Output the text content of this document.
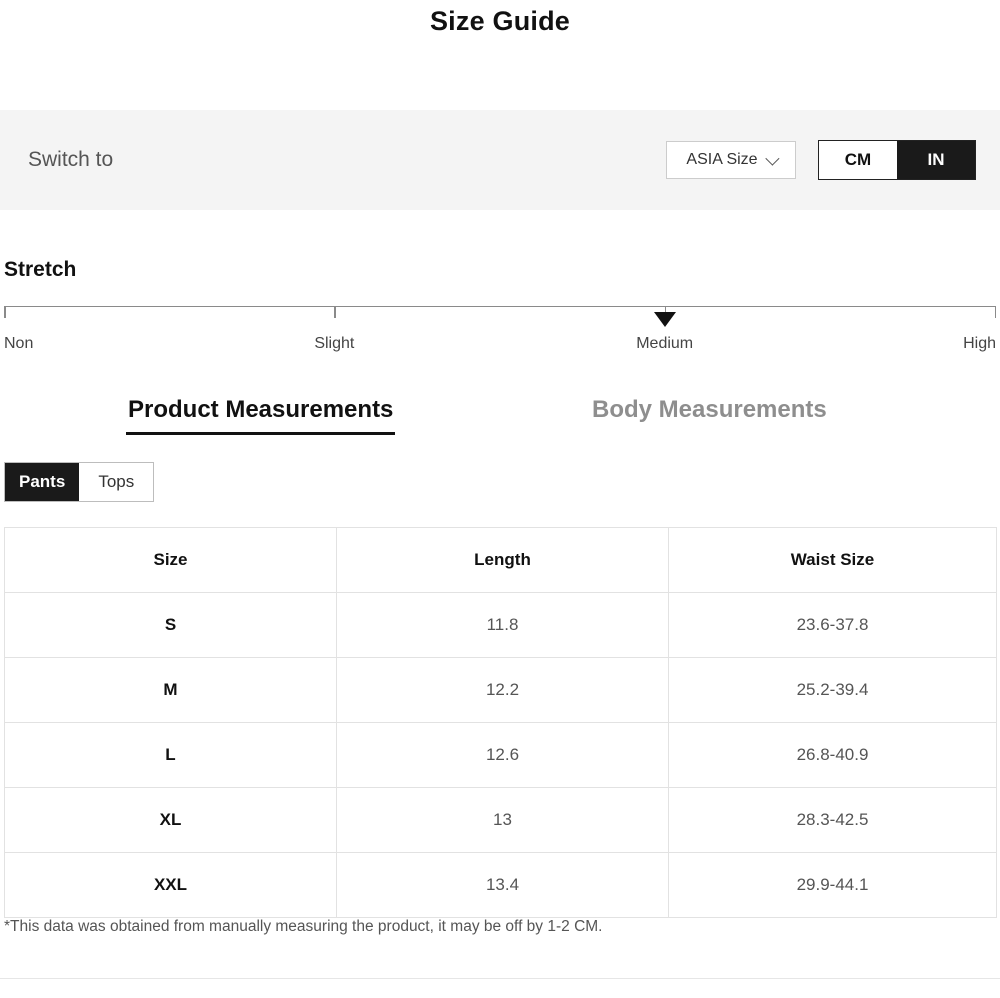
Size Guide
Switch to	ASIA Size	CM	IN
Stretch
Non	Slight	Medium	High
Product Measurements	Body Measurements
Pants	Tops
Size	Length	Waist Size
S	11.8	23.6-37.8
M	12.2	25.2-39.4
L	12.6	26.8-40.9
XL	13	28.3-42.5
XXL	13.4	29.9-44.1
*This data was obtained from manually measuring the product, it may be off by 1-2 CM.
